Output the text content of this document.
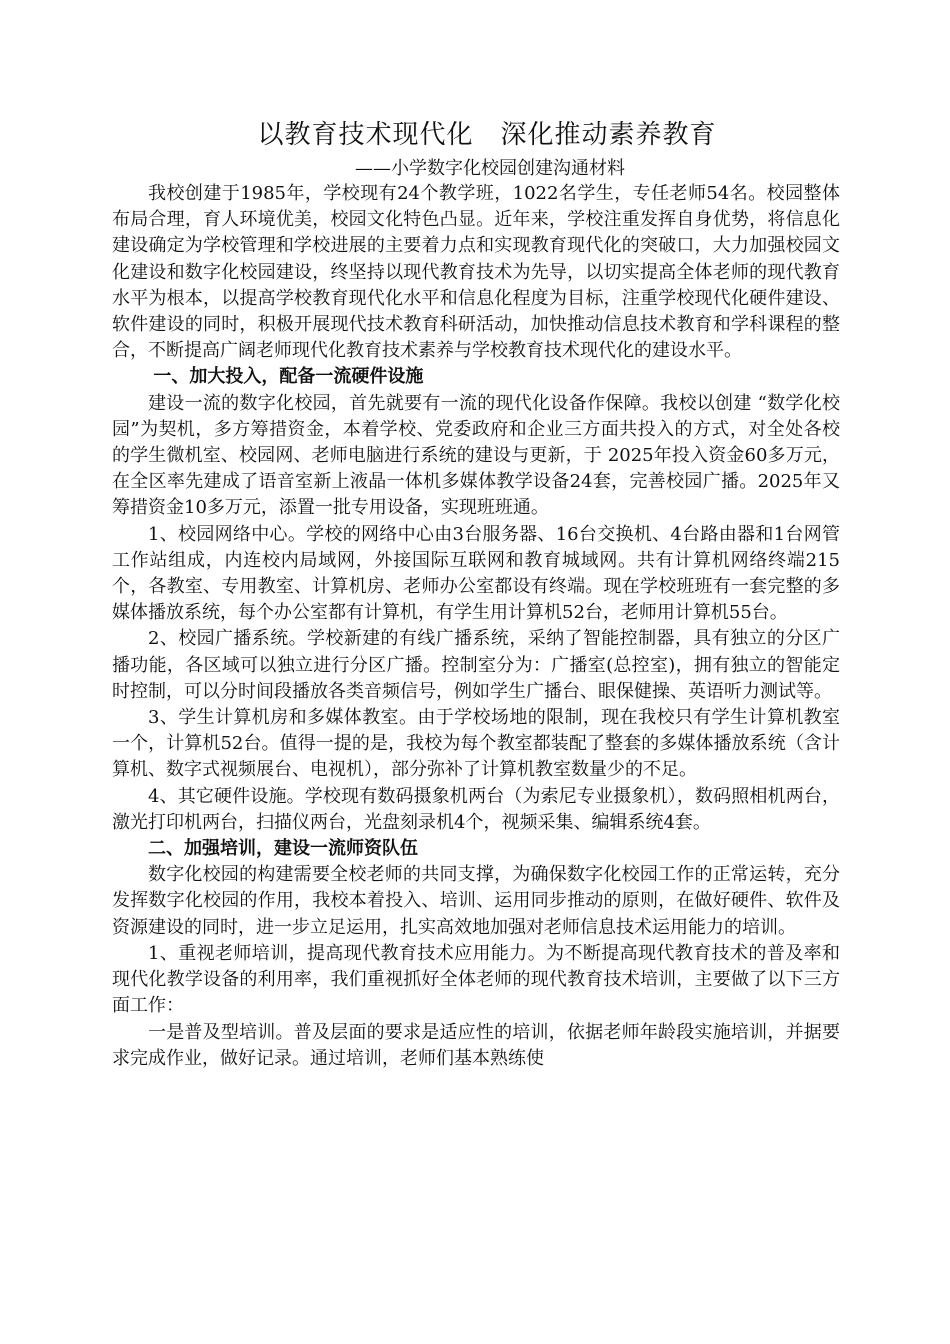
以教育技术现代化　深化推动素养教育
——小学数字化校园创建沟通材料

我校创建于1985年，学校现有24个教学班，1022名学生，专任老师54名。校园整体布局合理，育人环境优美，校园文化特色凸显。近年来，学校注重发挥自身优势，将信息化建设确定为学校管理和学校进展的主要着力点和实现教育现代化的突破口，大力加强校园文化建设和数字化校园建设，终坚持以现代教育技术为先导，以切实提高全体老师的现代教育水平为根本，以提高学校教育现代化水平和信息化程度为目标，注重学校现代化硬件建设、软件建设的同时，积极开展现代技术教育科研活动，加快推动信息技术教育和学科课程的整合，不断提高广阔老师现代化教育技术素养与学校教育技术现代化的建设水平。

一、加大投入，配备一流硬件设施

建设一流的数字化校园，首先就要有一流的现代化设备作保障。我校以创建 “数学化校园”为契机，多方筹措资金，本着学校、党委政府和企业三方面共投入的方式，对全处各校的学生微机室、校园网、老师电脑进行系统的建设与更新，于 2025年投入资金60多万元，在全区率先建成了语音室新上液晶一体机多媒体教学设备24套，完善校园广播。2025年又筹措资金10多万元，添置一批专用设备，实现班班通。

1、校园网络中心。学校的网络中心由3台服务器、16台交换机、4台路由器和1台网管工作站组成，内连校内局域网，外接国际互联网和教育城域网。共有计算机网络终端215个，各教室、专用教室、计算机房、老师办公室都设有终端。现在学校班班有一套完整的多媒体播放系统，每个办公室都有计算机，有学生用计算机52台，老师用计算机55台。

2、校园广播系统。学校新建的有线广播系统，采纳了智能控制器，具有独立的分区广播功能，各区域可以独立进行分区广播。控制室分为：广播室(总控室)，拥有独立的智能定时控制，可以分时间段播放各类音频信号，例如学生广播台、眼保健操、英语听力测试等。

3、学生计算机房和多媒体教室。由于学校场地的限制，现在我校只有学生计算机教室一个，计算机52台。值得一提的是，我校为每个教室都装配了整套的多媒体播放系统（含计算机、数字式视频展台、电视机），部分弥补了计算机教室数量少的不足。

4、其它硬件设施。学校现有数码摄象机两台（为索尼专业摄象机），数码照相机两台，激光打印机两台，扫描仪两台，光盘刻录机4个，视频采集、编辑系统4套。

二、加强培训，建设一流师资队伍

数字化校园的构建需要全校老师的共同支撑，为确保数字化校园工作的正常运转，充分发挥数字化校园的作用，我校本着投入、培训、运用同步推动的原则，在做好硬件、软件及资源建设的同时，进一步立足运用，扎实高效地加强对老师信息技术运用能力的培训。

1、重视老师培训，提高现代教育技术应用能力。为不断提高现代教育技术的普及率和现代化教学设备的利用率，我们重视抓好全体老师的现代教育技术培训，主要做了以下三方面工作：

一是普及型培训。普及层面的要求是适应性的培训，依据老师年龄段实施培训，并据要求完成作业，做好记录。通过培训，老师们基本熟练使
